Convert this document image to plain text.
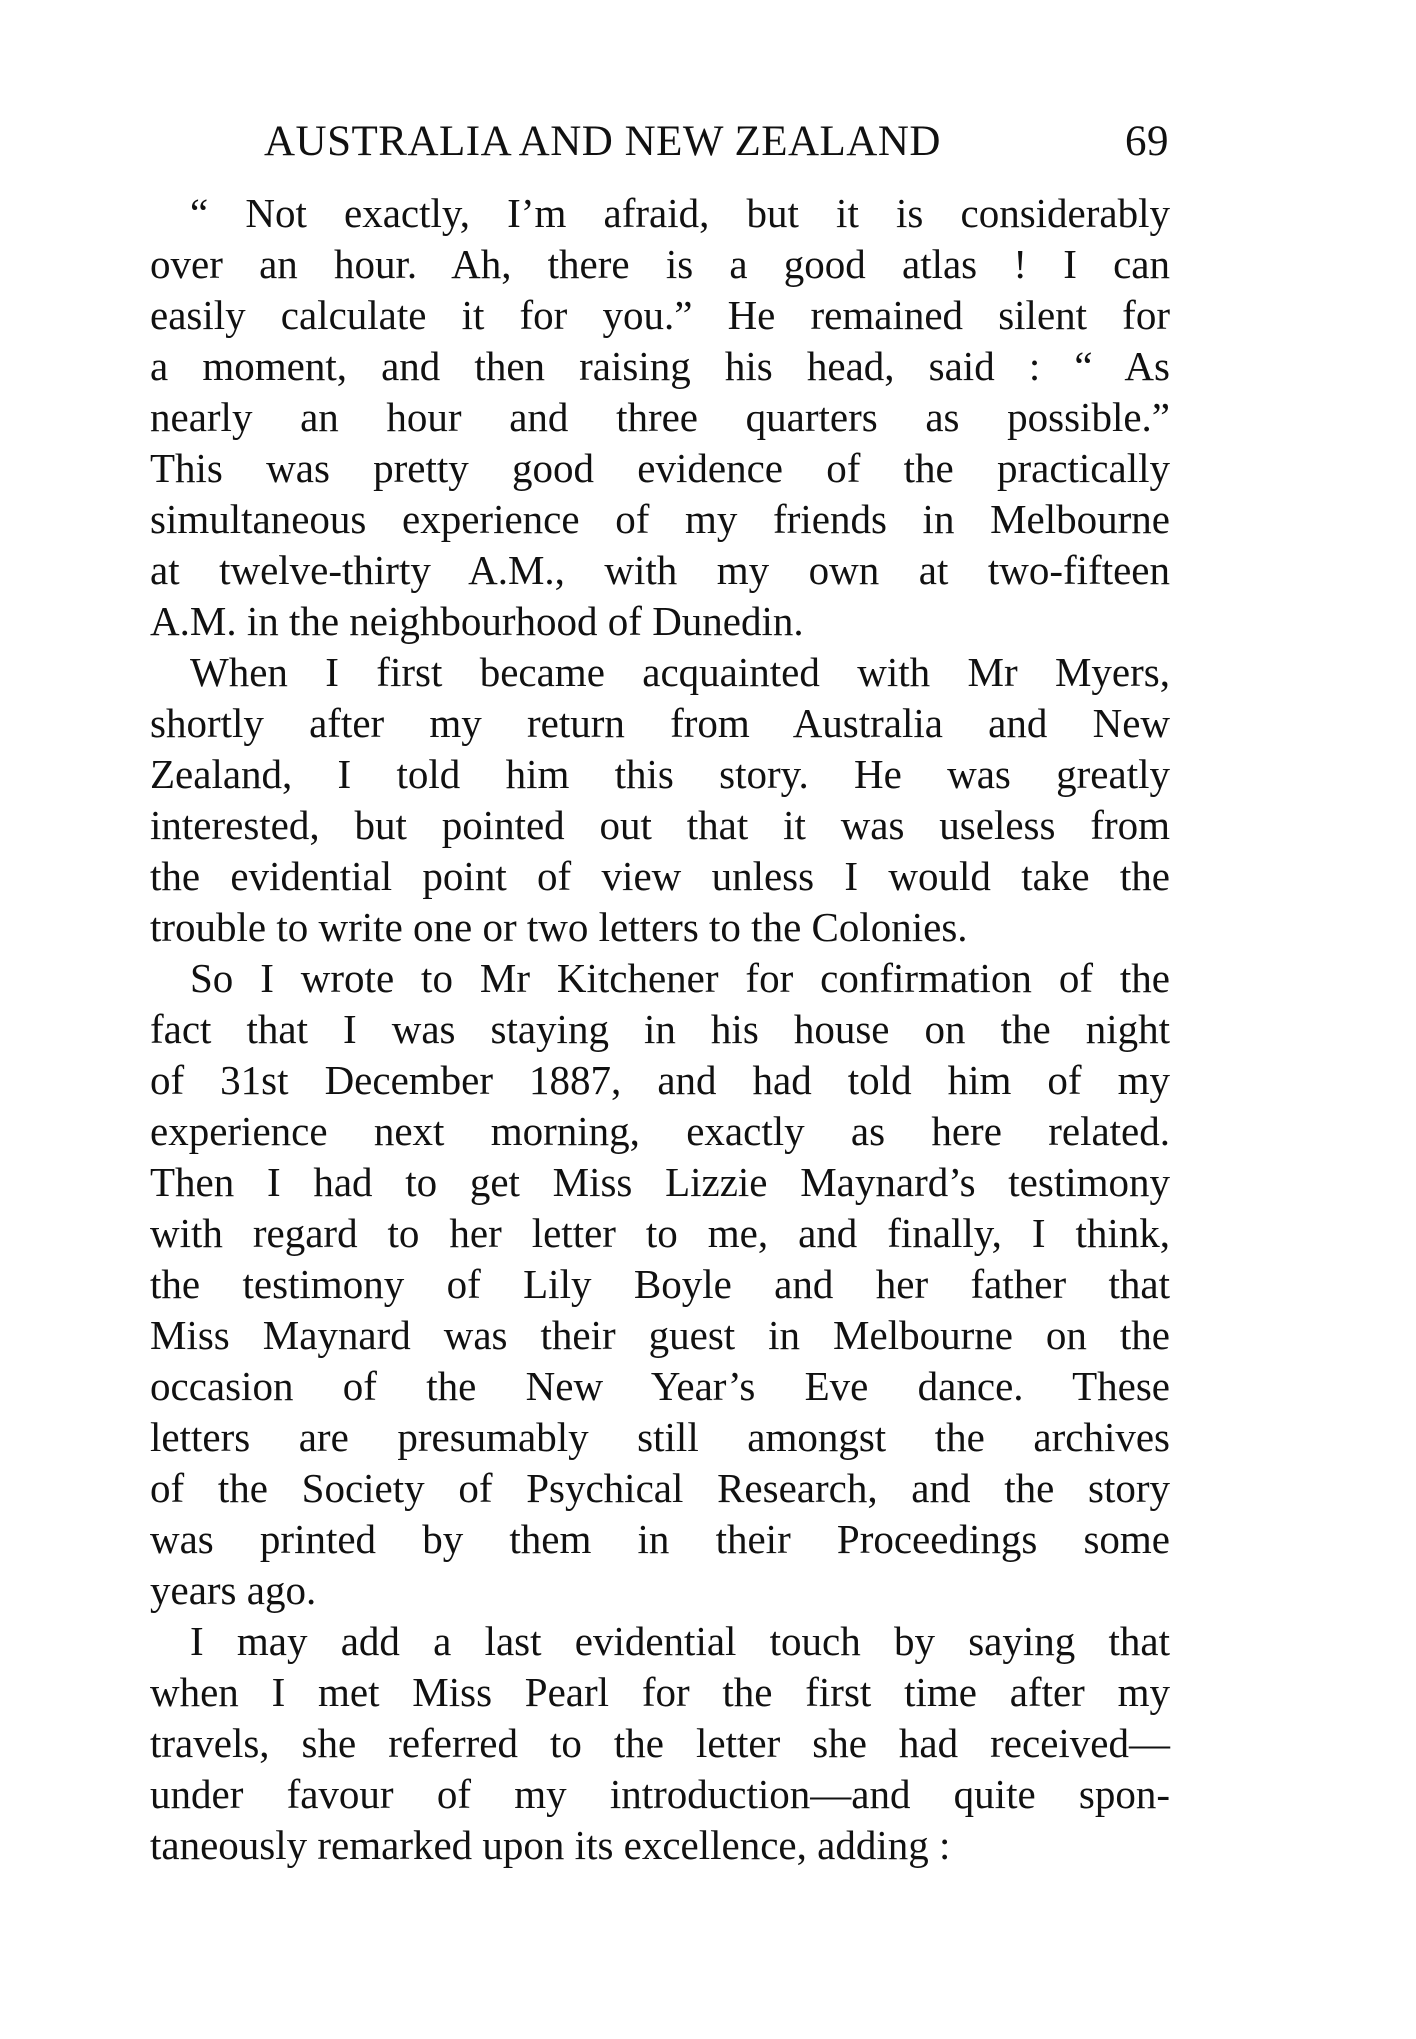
AUSTRALIA AND NEW ZEALAND	69
“ Not exactly, I’m afraid, but it is considerably
over an hour. Ah, there is a good atlas ! I can
easily calculate it for you.” He remained silent for
a moment, and then raising his head, said : “ As
nearly an hour and three quarters as possible.”
This was pretty good evidence of the practically
simultaneous experience of my friends in Melbourne
at twelve-thirty A.M., with my own at two-fifteen
A.M. in the neighbourhood of Dunedin.
When I first became acquainted with Mr Myers,
shortly after my return from Australia and New
Zealand, I told him this story. He was greatly
interested, but pointed out that it was useless from
the evidential point of view unless I would take the
trouble to write one or two letters to the Colonies.
So I wrote to Mr Kitchener for confirmation of the
fact that I was staying in his house on the night
of 31st December 1887, and had told him of my
experience next morning, exactly as here related.
Then I had to get Miss Lizzie Maynard’s testimony
with regard to her letter to me, and finally, I think,
the testimony of Lily Boyle and her father that
Miss Maynard was their guest in Melbourne on the
occasion of the New Year’s Eve dance. These
letters are presumably still amongst the archives
of the Society of Psychical Research, and the story
was printed by them in their Proceedings some
years ago.
I may add a last evidential touch by saying that
when I met Miss Pearl for the first time after my
travels, she referred to the letter she had received—
under favour of my introduction—and quite spon-
taneously remarked upon its excellence, adding :
